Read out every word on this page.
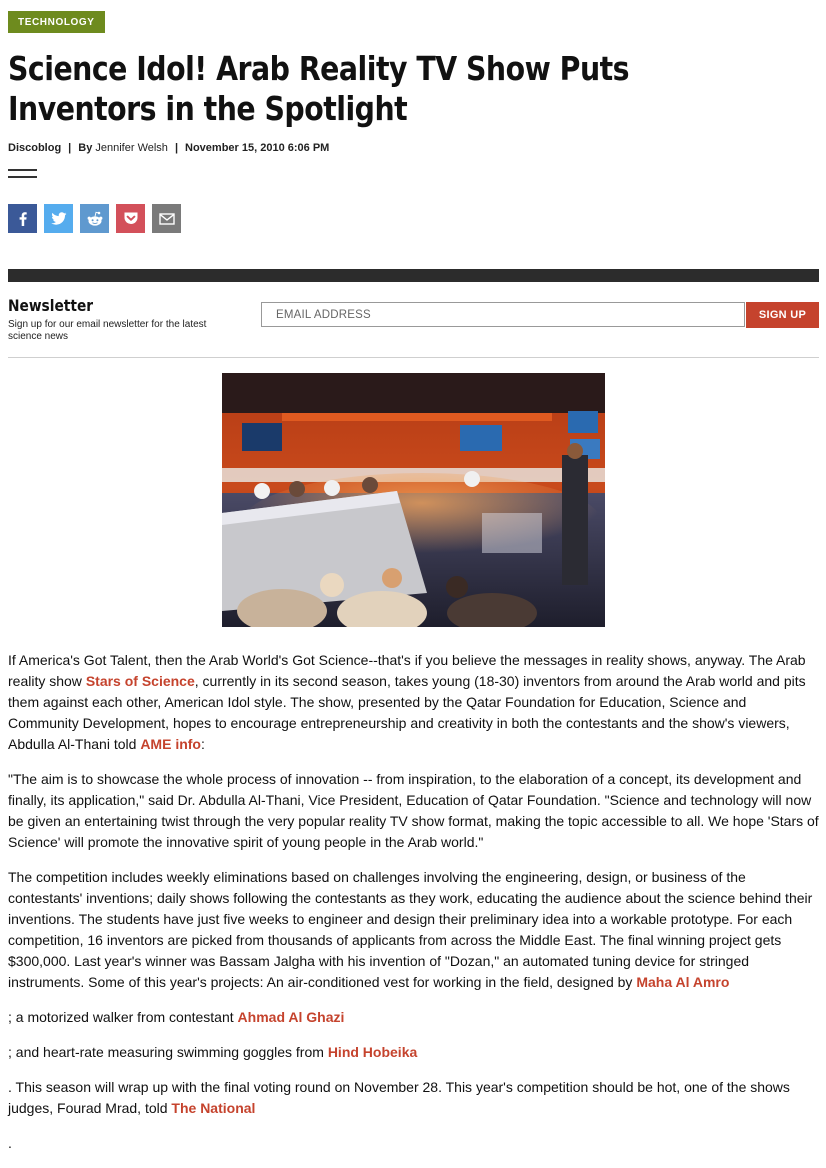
TECHNOLOGY
Science Idol! Arab Reality TV Show Puts Inventors in the Spotlight
Discoblog | By Jennifer Welsh | November 15, 2010 6:06 PM
Newsletter
Sign up for our email newsletter for the latest science news
EMAIL ADDRESS
SIGN UP

If America's Got Talent, then the Arab World's Got Science--that's if you believe the messages in reality shows, anyway. The Arab reality show Stars of Science, currently in its second season, takes young (18-30) inventors from around the Arab world and pits them against each other, American Idol style. The show, presented by the Qatar Foundation for Education, Science and Community Development, hopes to encourage entrepreneurship and creativity in both the contestants and the show's viewers, Abdulla Al-Thani told AME info:

"The aim is to showcase the whole process of innovation -- from inspiration, to the elaboration of a concept, its development and finally, its application," said Dr. Abdulla Al-Thani, Vice President, Education of Qatar Foundation. "Science and technology will now be given an entertaining twist through the very popular reality TV show format, making the topic accessible to all. We hope 'Stars of Science' will promote the innovative spirit of young people in the Arab world."

The competition includes weekly eliminations based on challenges involving the engineering, design, or business of the contestants' inventions; daily shows following the contestants as they work, educating the audience about the science behind their inventions. The students have just five weeks to engineer and design their preliminary idea into a workable prototype. For each competition, 16 inventors are picked from thousands of applicants from across the Middle East. The final winning project gets $300,000. Last year's winner was Bassam Jalgha with his invention of "Dozan," an automated tuning device for stringed instruments. Some of this year's projects: An air-conditioned vest for working in the field, designed by Maha Al Amro

; a motorized walker from contestant Ahmad Al Ghazi

; and heart-rate measuring swimming goggles from Hind Hobeika

. This season will wrap up with the final voting round on November 28. This year's competition should be hot, one of the shows judges, Fourad Mrad, told The National

.
